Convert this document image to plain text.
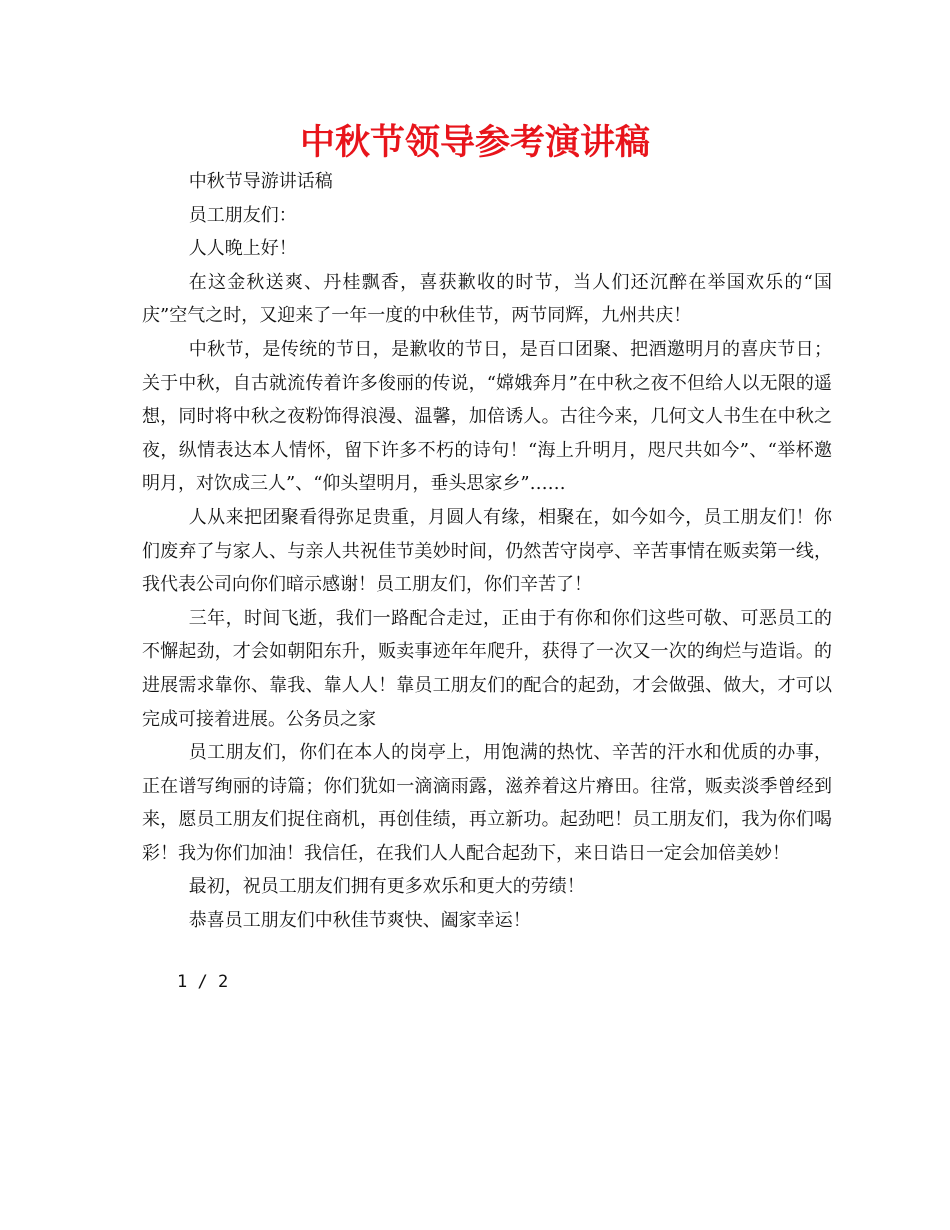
中秋节领导参考演讲稿

中秋节导游讲话稿

员工朋友们：

人人晚上好！

在这金秋送爽、丹桂飘香，喜获歉收的时节，当人们还沉醉在举国欢乐的“国庆”空气之时，又迎来了一年一度的中秋佳节，两节同辉，九州共庆！

中秋节，是传统的节日，是歉收的节日，是百口团聚、把酒邀明月的喜庆节日；关于中秋，自古就流传着许多俊丽的传说，“嫦娥奔月”在中秋之夜不但给人以无限的遥想，同时将中秋之夜粉饰得浪漫、温馨，加倍诱人。古往今来，几何文人书生在中秋之夜，纵情表达本人情怀，留下许多不朽的诗句！“海上升明月，咫尺共如今”、“举杯邀明月，对饮成三人”、“仰头望明月，垂头思家乡”……

人从来把团聚看得弥足贵重，月圆人有缘，相聚在，如今如今，员工朋友们！你们废弃了与家人、与亲人共祝佳节美妙时间，仍然苦守岗亭、辛苦事情在贩卖第一线，我代表公司向你们暗示感谢！员工朋友们，你们辛苦了！

三年，时间飞逝，我们一路配合走过，正由于有你和你们这些可敬、可恶员工的不懈起劲，才会如朝阳东升，贩卖事迹年年爬升，获得了一次又一次的绚烂与造诣。的进展需求靠你、靠我、靠人人！靠员工朋友们的配合的起劲，才会做强、做大，才可以完成可接着进展。公务员之家

员工朋友们，你们在本人的岗亭上，用饱满的热忱、辛苦的汗水和优质的办事，正在谱写绚丽的诗篇；你们犹如一滴滴雨露，滋养着这片瘠田。往常，贩卖淡季曾经到来，愿员工朋友们捉住商机，再创佳绩，再立新功。起劲吧！员工朋友们，我为你们喝彩！我为你们加油！我信任，在我们人人配合起劲下，来日诰日一定会加倍美妙！

最初，祝员工朋友们拥有更多欢乐和更大的劳绩！

恭喜员工朋友们中秋佳节爽快、阖家幸运！

1 / 2
